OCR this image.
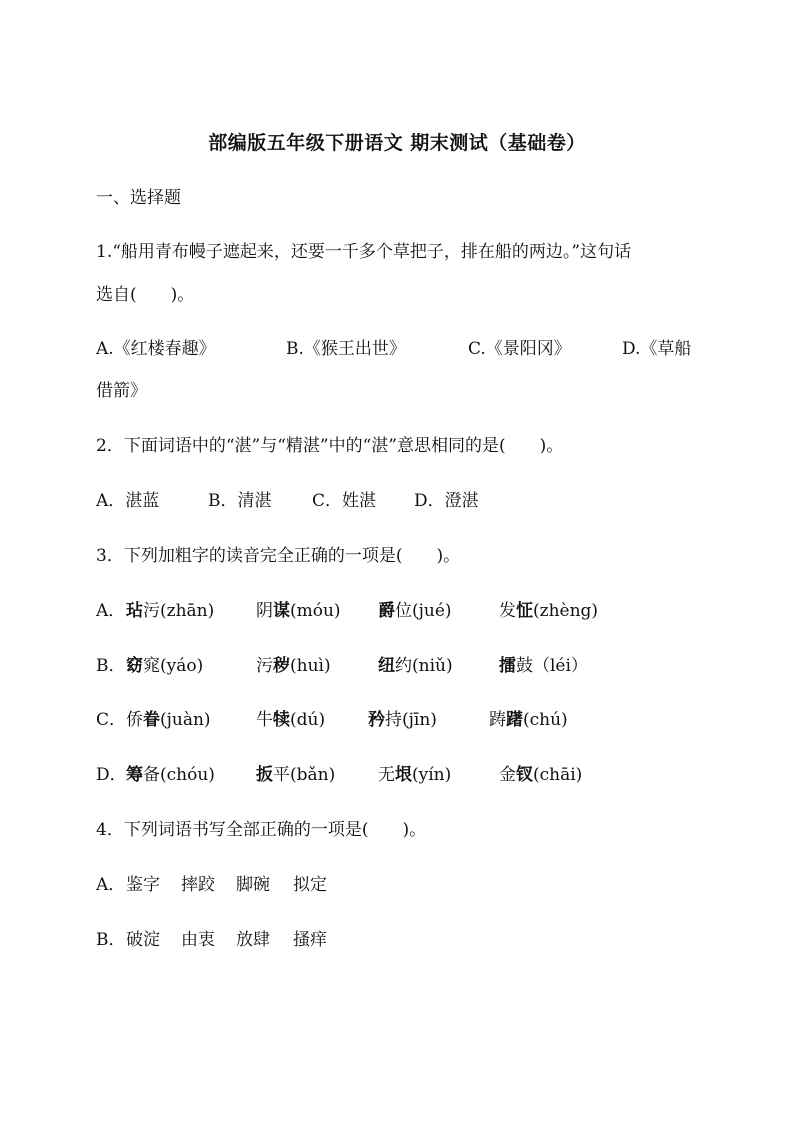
部编版五年级下册语文 期末测试（基础卷）
一、选择题
1.“船用青布幔子遮起来，还要一千多个草把子，排在船的两边。”这句话
选自(　　)。
A.《红楼春趣》	B.《猴王出世》	C.《景阳冈》	D.《草船
借箭》
2．下面词语中的“湛”与“精湛”中的“湛”意思相同的是(　　)。
A．湛蓝	B．清湛 C．姓湛 D．澄湛
3．下列加粗字的读音完全正确的一项是(　　)。
A． 玷污(zhān) 阴谋(móu) 爵位(jué)	发怔(zhèng)
B． 窈窕(yáo)	污秽(huì)	纽约(niǔ)	擂鼓（léi）
C． 侨眷(juàn)	牛犊(dú)	矜持(jīn)	踌躇(chú)
D． 筹备(chóu) 扳平(bǎn)	无垠(yín)	金钗(chāi)
4．下列词语书写全部正确的一项是(　　)。
A． 鉴字 摔跤 脚碗 拟定
B． 破淀 由衷 放肆 搔痒
